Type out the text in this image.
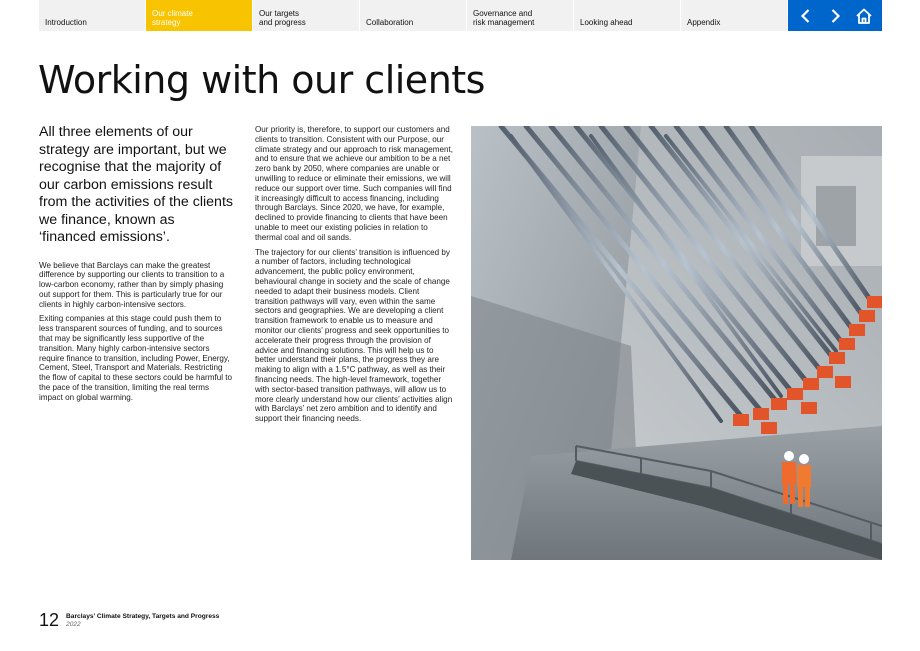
Introduction
Our climate
strategy
Our targets
and progress	Collaboration
Governance and
risk management	Looking ahead	Appendix
Working with our clients

All three elements of our strategy are important, but we recognise that the majority of our carbon emissions result from the activities of the clients we finance, known as ‘financed emissions’.

We believe that Barclays can make the greatest difference by supporting our clients to transition to a low-carbon economy, rather than by simply phasing out support for them. This is particularly true for our clients in highly carbon-intensive sectors.

Exiting companies at this stage could push them to less transparent sources of funding, and to sources that may be significantly less supportive of the transition. Many highly carbon-intensive sectors require finance to transition, including Power, Energy, Cement, Steel, Transport and Materials. Restricting the flow of capital to these sectors could be harmful to the pace of the transition, limiting the real terms impact on global warming.

Our priority is, therefore, to support our customers and clients to transition. Consistent with our Purpose, our climate strategy and our approach to risk management, and to ensure that we achieve our ambition to be a net zero bank by 2050, where companies are unable or unwilling to reduce or eliminate their emissions, we will reduce our support over time. Such companies will find it increasingly difficult to access financing, including through Barclays. Since 2020, we have, for example, declined to provide financing to clients that have been unable to meet our existing policies in relation to thermal coal and oil sands.

The trajectory for our clients’ transition is influenced by a number of factors, including technological advancement, the public policy environment, behavioural change in society and the scale of change needed to adapt their business models. Client transition pathways will vary, even within the same sectors and geographies. We are developing a client transition framework to enable us to measure and monitor our clients’ progress and seek opportunities to accelerate their progress through the provision of advice and financing solutions. This will help us to better understand their plans, the progress they are making to align with a 1.5°C pathway, as well as their financing needs. The high-level framework, together with sector-based transition pathways, will allow us to more clearly understand how our clients’ activities align with Barclays’ net zero ambition and to identify and support their financing needs.

12 Barclays’ Climate Strategy, Targets and Progress
2022
